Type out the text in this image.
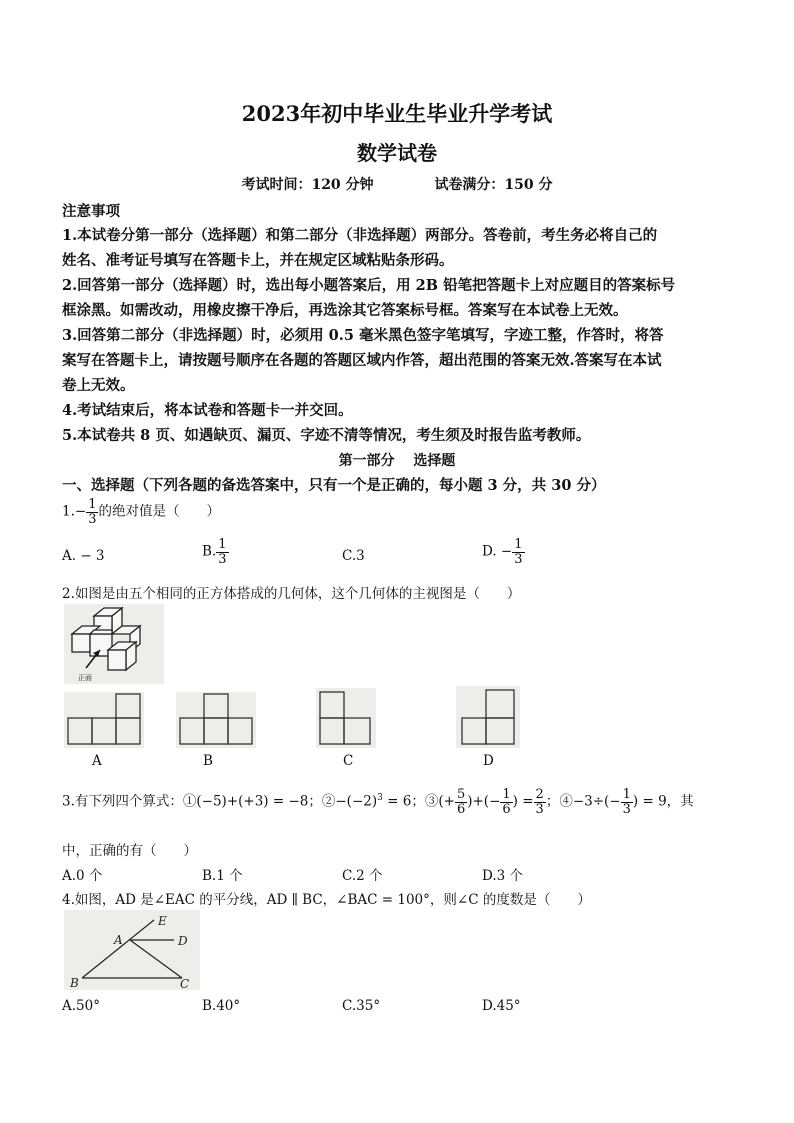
2023年初中毕业生毕业升学考试
数学试卷
考试时间：120 分钟	试卷满分：150 分
注意事项
1.本试卷分第一部分（选择题）和第二部分（非选择题）两部分。答卷前，考生务必将自己的
姓名、准考证号填写在答题卡上，并在规定区域粘贴条形码。
2.回答第一部分（选择题）时，选出每小题答案后，用 2B 铅笔把答题卡上对应题目的答案标号
框涂黑。如需改动，用橡皮擦干净后，再选涂其它答案标号框。答案写在本试卷上无效。
3.回答第二部分（非选择题）时，必须用 0.5 毫米黑色签字笔填写，字迹工整，作答时，将答
案写在答题卡上，请按题号顺序在各题的答题区域内作答，超出范围的答案无效.答案写在本试
卷上无效。
4.考试结束后，将本试卷和答题卡一并交回。
5.本试卷共 8 页、如遇缺页、漏页、字迹不清等情况，考生须及时报告监考教师。
第一部分　 选择题
一、选择题（下列各题的备选答案中，只有一个是正确的，每小题 3 分，共 30 分）
$1.- \frac{1}{3}$ 的绝对值是（　　）
A. − 3	B. $\frac{1}{3}$	C.3	D. − $\frac{1}{3}$
2.如图是由五个相同的正方体搭成的几何体，这个几何体的主视图是（　　）
正面
A	B	C	D
3.有下列四个算式：①(−5)+(+3) = −8；$②-(-2)^3 = 6$；③(+ $\frac{5}{6}$ )+(− $\frac{1}{6}$ ) = $\frac{2}{3}$ ；④−3÷(− $\frac{1}{3}$ ) = 9，其
中，正确的有（　　）
A.0 个	B.1 个	C.2 个	D.3 个
4.如图，AD 是∠EAC 的平分线，AD ∥ BC，∠BAC = 100°，则∠C 的度数是（　　）
A
B	C
D
E
A.50°	B.40°	C.35°	D.45°
